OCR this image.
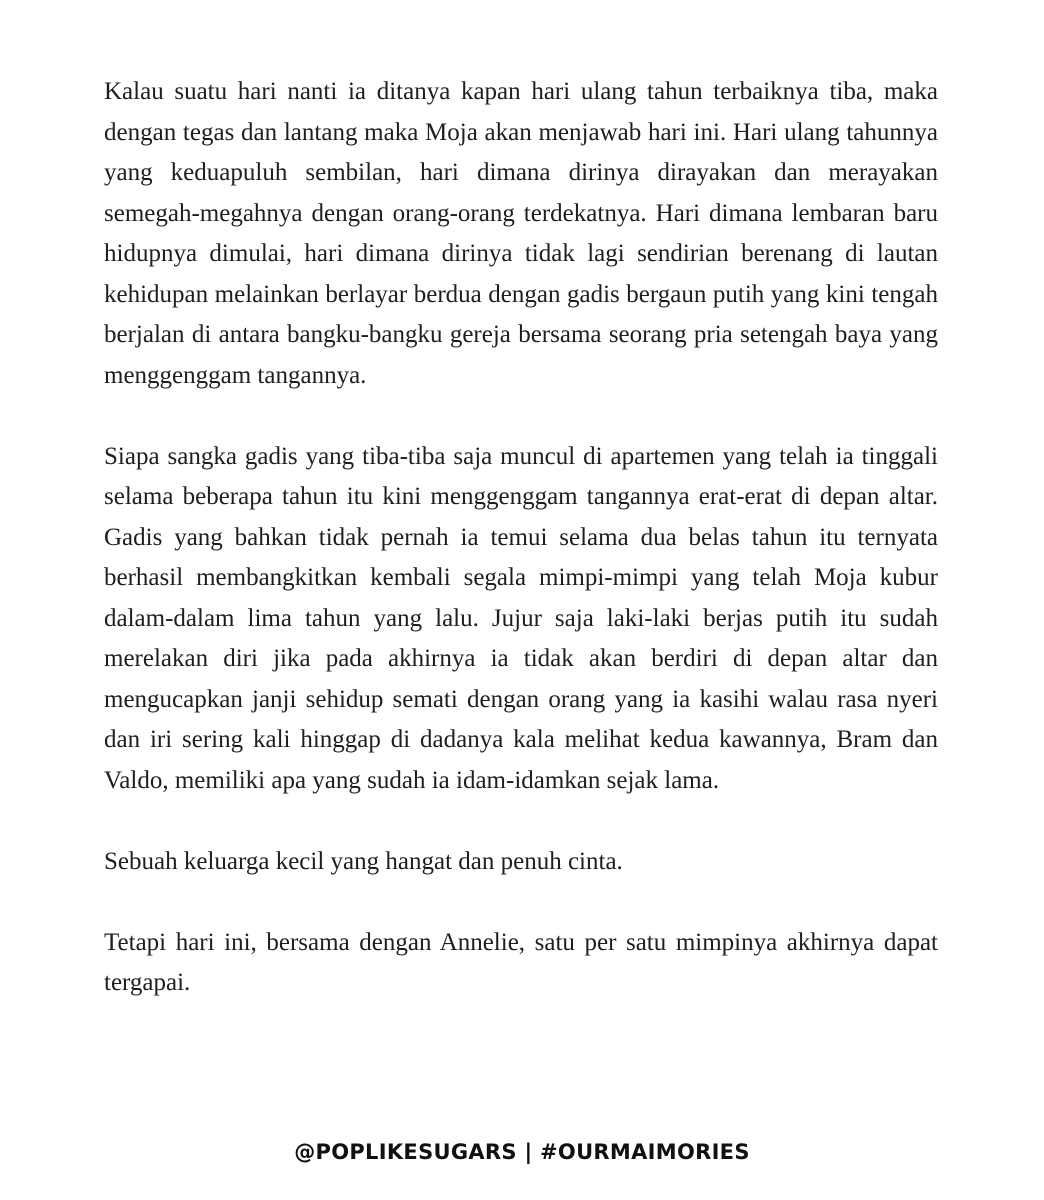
Kalau suatu hari nanti ia ditanya kapan hari ulang tahun terbaiknya tiba, maka dengan tegas dan lantang maka Moja akan menjawab hari ini. Hari ulang tahunnya yang keduapuluh sembilan, hari dimana dirinya dirayakan dan merayakan semegah-megahnya dengan orang-orang terdekatnya. Hari dimana lembaran baru hidupnya dimulai, hari dimana dirinya tidak lagi sendirian berenang di lautan kehidupan melainkan berlayar berdua dengan gadis bergaun putih yang kini tengah berjalan di antara bangku-bangku gereja bersama seorang pria setengah baya yang menggenggam tangannya.

Siapa sangka gadis yang tiba-tiba saja muncul di apartemen yang telah ia tinggali selama beberapa tahun itu kini menggenggam tangannya erat-erat di depan altar. Gadis yang bahkan tidak pernah ia temui selama dua belas tahun itu ternyata berhasil membangkitkan kembali segala mimpi-mimpi yang telah Moja kubur dalam-dalam lima tahun yang lalu. Jujur saja laki-laki berjas putih itu sudah merelakan diri jika pada akhirnya ia tidak akan berdiri di depan altar dan mengucapkan janji sehidup semati dengan orang yang ia kasihi walau rasa nyeri dan iri sering kali hinggap di dadanya kala melihat kedua kawannya, Bram dan Valdo, memiliki apa yang sudah ia idam-idamkan sejak lama.

Sebuah keluarga kecil yang hangat dan penuh cinta.

Tetapi hari ini, bersama dengan Annelie, satu per satu mimpinya akhirnya dapat tergapai.

@POPLIKESUGARS | #OURMAIMORIES
